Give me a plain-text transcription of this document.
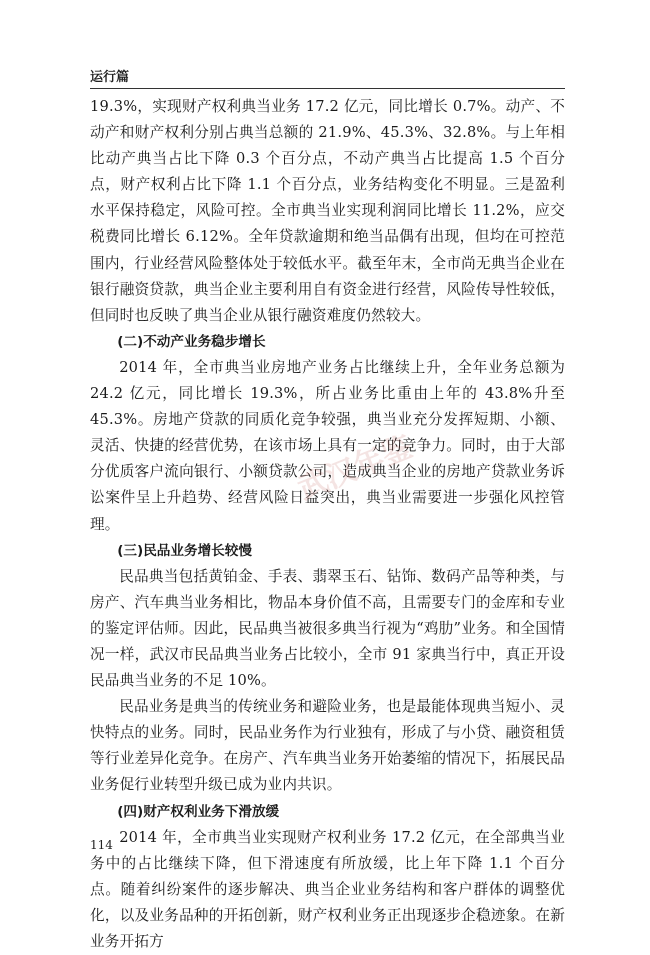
运行篇

19.3%，实现财产权利典当业务 17.2 亿元，同比增长 0.7%。动产、不动产和财产权利分别占典当总额的 21.9%、45.3%、32.8%。与上年相比动产典当占比下降 0.3 个百分点，不动产典当占比提高 1.5 个百分点，财产权利占比下降 1.1 个百分点，业务结构变化不明显。三是盈利水平保持稳定，风险可控。全市典当业实现利润同比增长 11.2%，应交税费同比增长 6.12%。全年贷款逾期和绝当品偶有出现，但均在可控范围内，行业经营风险整体处于较低水平。截至年末，全市尚无典当企业在银行融资贷款，典当企业主要利用自有资金进行经营，风险传导性较低，但同时也反映了典当企业从银行融资难度仍然较大。

(二)不动产业务稳步增长

2014 年，全市典当业房地产业务占比继续上升，全年业务总额为 24.2 亿元，同比增长 19.3%，所占业务比重由上年的 43.8%升至 45.3%。房地产贷款的同质化竞争较强，典当业充分发挥短期、小额、灵活、快捷的经营优势，在该市场上具有一定的竞争力。同时，由于大部分优质客户流向银行、小额贷款公司，造成典当企业的房地产贷款业务诉讼案件呈上升趋势、经营风险日益突出，典当业需要进一步强化风控管理。

(三)民品业务增长较慢

民品典当包括黄铂金、手表、翡翠玉石、钻饰、数码产品等种类，与房产、汽车典当业务相比，物品本身价值不高，且需要专门的金库和专业的鉴定评估师。因此，民品典当被很多典当行视为“鸡肋”业务。和全国情况一样，武汉市民品典当业务占比较小，全市 91 家典当行中，真正开设民品典当业务的不足 10%。

民品业务是典当的传统业务和避险业务，也是最能体现典当短小、灵快特点的业务。同时，民品业务作为行业独有，形成了与小贷、融资租赁等行业差异化竞争。在房产、汽车典当业务开始萎缩的情况下，拓展民品业务促行业转型升级已成为业内共识。

(四)财产权利业务下滑放缓

2014 年，全市典当业实现财产权利业务 17.2 亿元，在全部典当业务中的占比继续下降，但下滑速度有所放缓，比上年下降 1.1 个百分点。随着纠纷案件的逐步解决、典当企业业务结构和客户群体的调整优化，以及业务品种的开拓创新，财产权利业务正出现逐步企稳迹象。在新业务开拓方

武汉年鉴
114
